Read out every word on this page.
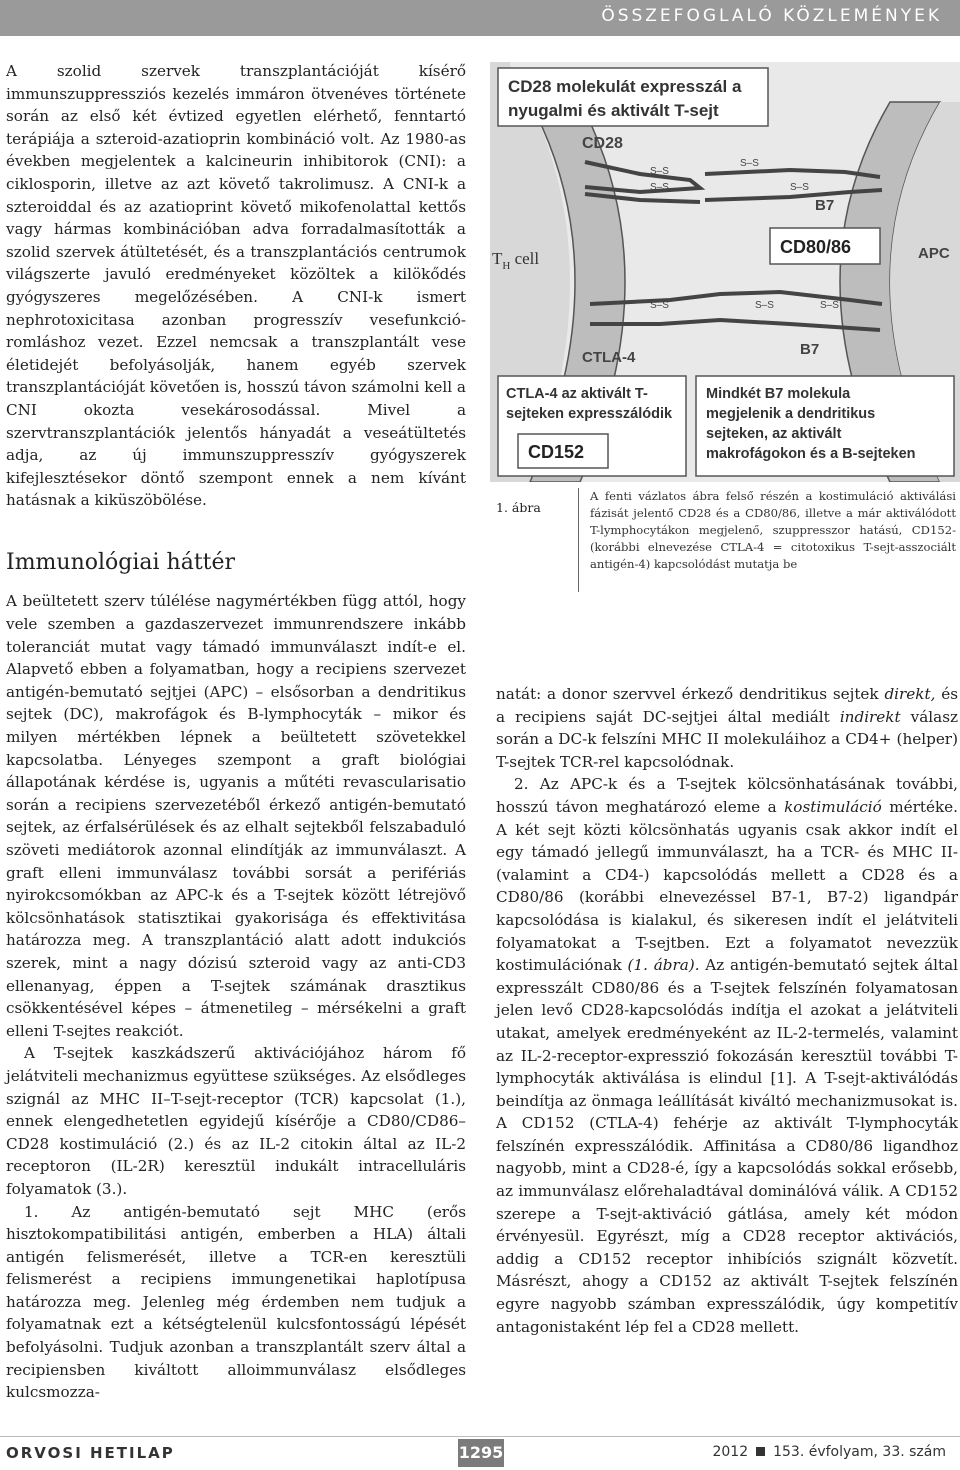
ÖSSZEFOGLALÓ KÖZLEMÉNYEK

A szolid szervek transzplantációját kísérő immunszuppressziós kezelés immáron ötvenéves története során az első két évtized egyetlen elérhető, fenntartó terápiája a szteroid-azatioprin kombináció volt. Az 1980-as években megjelentek a kalcineurin inhibitorok (CNI): a ciklosporin, illetve az azt követő takrolimusz. A CNI-k a szteroiddal és az azatioprint követő mikofenolattal kettős vagy hármas kombinációban adva forradalmasították a szolid szervek átültetését, és a transzplantációs centrumok világszerte javuló eredményeket közöltek a kilökődés gyógyszeres megelőzésében. A CNI-k ismert nephrotoxicitasa azonban progresszív vesefunkció-romláshoz vezet. Ezzel nemcsak a transzplantált vese életidejét befolyásolják, hanem egyéb szervek transzplantációját követően is, hosszú távon számolni kell a CNI okozta vesekárosodással. Mivel a szervtranszplantációk jelentős hányadát a veseátültetés adja, az új immunszuppresszív gyógyszerek kifejlesztésekor döntő szempont ennek a nem kívánt hatásnak a kiküszöbölése.

Immunológiai háttér

A beültetett szerv túlélése nagymértékben függ attól, hogy vele szemben a gazdaszervezet immunrendszere inkább toleranciát mutat vagy támadó immunválaszt indít-e el. Alapvető ebben a folyamatban, hogy a recipiens szervezet antigén-bemutató sejtjei (APC) – elsősorban a dendritikus sejtek (DC), makrofágok és B-lymphocyták – mikor és milyen mértékben lépnek a beültetett szövetekkel kapcsolatba. Lényeges szempont a graft biológiai állapotának kérdése is, ugyanis a műtéti revascularisatio során a recipiens szervezetéből érkező antigén-bemutató sejtek, az érfalsérülések és az elhalt sejtekből felszabaduló szöveti mediátorok azonnal elindítják az immunválaszt. A graft elleni immunválasz további sorsát a perifériás nyirokcsomókban az APC-k és a T-sejtek között létrejövő kölcsönhatások statisztikai gyakorisága és effektivitása határozza meg. A transzplantáció alatt adott indukciós szerek, mint a nagy dózisú szteroid vagy az anti-CD3 ellenanyag, éppen a T-sejtek számának drasztikus csökkentésével képes – átmenetileg – mérsékelni a graft elleni T-sejtes reakciót.

A T-sejtek kaszkádszerű aktivációjához három fő jelátviteli mechanizmus együttese szükséges. Az elsődleges szignál az MHC II–T-sejt-receptor (TCR) kapcsolat (1.), ennek elengedhetetlen egyidejű kísérője a CD80/CD86–CD28 kostimuláció (2.) és az IL-2 citokin által az IL-2 receptoron (IL-2R) keresztül indukált intracelluláris folyamatok (3.).

1. Az antigén-bemutató sejt MHC (erős hisztokompatibilitási antigén, emberben a HLA) általi antigén felismerését, illetve a TCR-en keresztüli felismerést a recipiens immungenetikai haplotípusa határozza meg. Jelenleg még érdemben nem tudjuk a folyamatnak ezt a kétségtelenül kulcsfontosságú lépését befolyásolni. Tudjuk azonban a transzplantált szerv által a recipiensben kiváltott alloimmunválasz elsődleges kulcsmozza-

CD28 molekulát expresszál a
nyugalmi és aktivált T-sejt
CD28
S–S
S–S
S–S
S–S
B7
CD80/86
$T_H$ cell	APC
S–S	S–S	S–S
B7
CTLA-4
CTLA-4 az aktivált T-
sejteken expresszálódik
CD152
Mindkét B7 molekula
megjelenik a dendritikus
sejteken, az aktivált
makrofágokon és a B-sejteken
1. ábra
A fenti vázlatos ábra felső részén a kostimuláció aktiválási fázisát jelentő CD28 és a CD80/86, illetve a már aktiválódott T-lymphocytákon megjelenő, szuppresszor hatású, CD152- (korábbi elnevezése CTLA-4 = citotoxikus T-sejt-asszociált antigén-4) kapcsolódást mutatja be

natát: a donor szervvel érkező dendritikus sejtek direkt, és a recipiens saját DC-sejtjei által mediált indirekt válasz során a DC-k felszíni MHC II molekuláihoz a CD4+ (helper) T-sejtek TCR-rel kapcsolódnak.

2. Az APC-k és a T-sejtek kölcsönhatásának további, hosszú távon meghatározó eleme a kostimuláció mértéke. A két sejt közti kölcsönhatás ugyanis csak akkor indít el egy támadó jellegű immunválaszt, ha a TCR- és MHC II- (valamint a CD4-) kapcsolódás mellett a CD28 és a CD80/86 (korábbi elnevezéssel B7-1, B7-2) ligandpár kapcsolódása is kialakul, és sikeresen indít el jelátviteli folyamatokat a T-sejtben. Ezt a folyamatot nevezzük kostimulációnak (1. ábra). Az antigén-bemutató sejtek által expresszált CD80/86 és a T-sejtek felszínén folyamatosan jelen levő CD28-kapcsolódás indítja el azokat a jelátviteli utakat, amelyek eredményeként az IL-2-termelés, valamint az IL-2-receptor-expresszió fokozásán keresztül további T-lymphocyták aktiválása is elindul [1]. A T-sejt-aktiválódás beindítja az önmaga leállítását kiváltó mechanizmusokat is. A CD152 (CTLA-4) fehérje az aktivált T-lymphocyták felszínén expresszálódik. Affinitása a CD80/86 ligandhoz nagyobb, mint a CD28-é, így a kapcsolódás sokkal erősebb, az immunválasz előrehaladtával dominálóvá válik. A CD152 szerepe a T-sejt-aktiváció gátlása, amely két módon érvényesül. Egyrészt, míg a CD28 receptor aktivációs, addig a CD152 receptor inhibíciós szignált közvetít. Másrészt, ahogy a CD152 az aktivált T-sejtek felszínén egyre nagyobb számban expresszálódik, úgy kompetitív antagonistaként lép fel a CD28 mellett.

ORVOSI HETILAP	1295	2012 153. évfolyam, 33. szám
